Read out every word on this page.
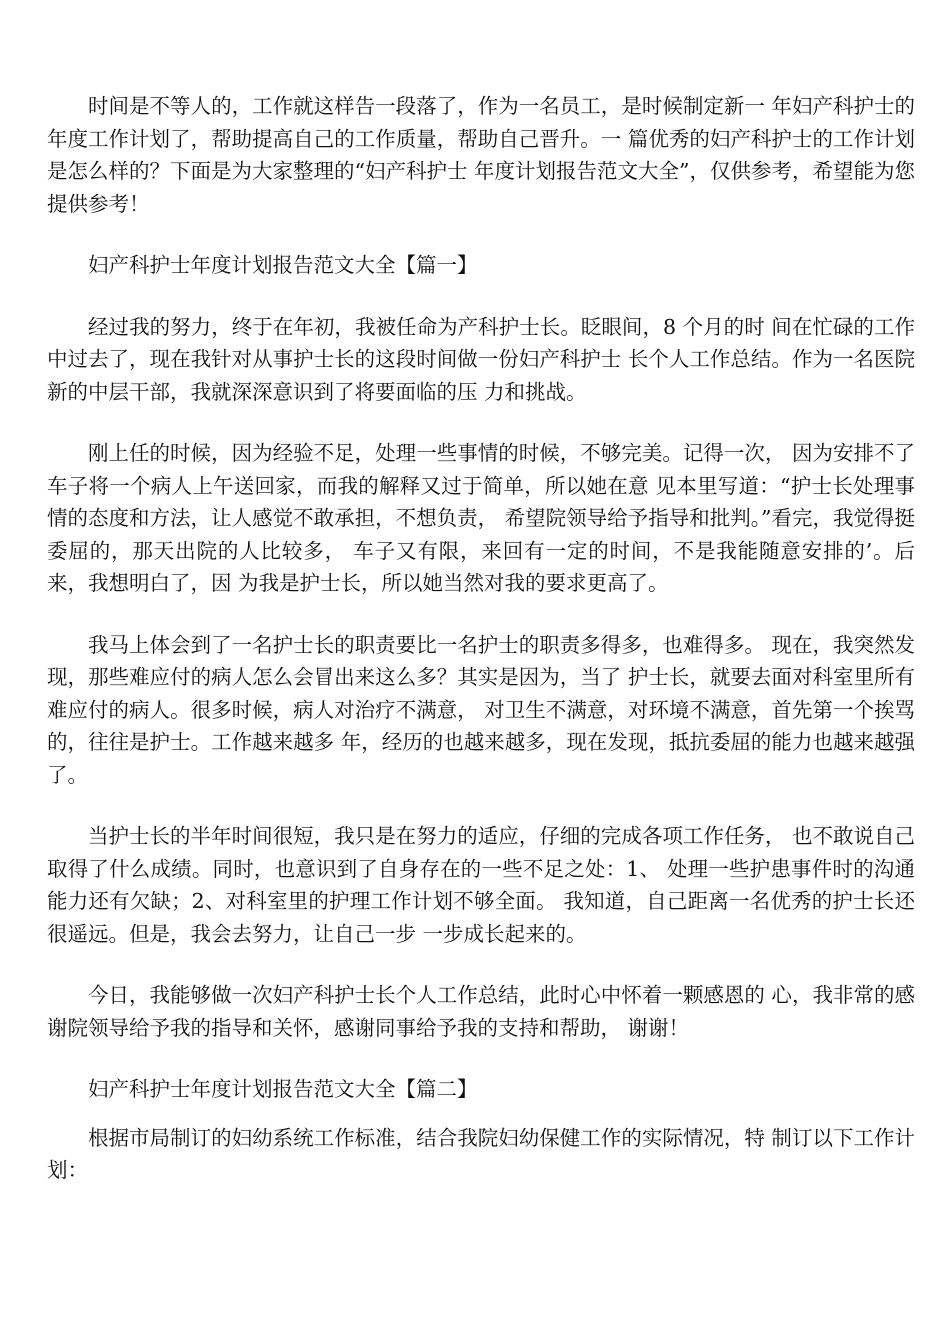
时间是不等人的，工作就这样告一段落了，作为一名员工，是时候制定新一 年妇产科护士的年度工作计划了，帮助提高自己的工作质量，帮助自己晋升。一 篇优秀的妇产科护士的工作计划是怎么样的？下面是为大家整理的“妇产科护士 年度计划报告范文大全”，仅供参考，希望能为您提供参考！

妇产科护士年度计划报告范文大全【篇一】

经过我的努力，终于在年初，我被任命为产科护士长。眨眼间，8 个月的时 间在忙碌的工作中过去了，现在我针对从事护士长的这段时间做一份妇产科护士 长个人工作总结。作为一名医院新的中层干部，我就深深意识到了将要面临的压 力和挑战。

刚上任的时候，因为经验不足，处理一些事情的时候，不够完美。记得一次， 因为安排不了车子将一个病人上午送回家，而我的解释又过于简单，所以她在意 见本里写道：“护士长处理事情的态度和方法，让人感觉不敢承担，不想负责， 希望院领导给予指导和批判。”看完，我觉得挺委屈的，那天出院的人比较多， 车子又有限，来回有一定的时间，不是我能随意安排的’。后来，我想明白了，因 为我是护士长，所以她当然对我的要求更高了。

我马上体会到了一名护士长的职责要比一名护士的职责多得多，也难得多。 现在，我突然发现，那些难应付的病人怎么会冒出来这么多？其实是因为，当了 护士长，就要去面对科室里所有难应付的病人。很多时候，病人对治疗不满意， 对卫生不满意，对环境不满意，首先第一个挨骂的，往往是护士。工作越来越多 年，经历的也越来越多，现在发现，抵抗委屈的能力也越来越强了。

当护士长的半年时间很短，我只是在努力的适应，仔细的完成各项工作任务， 也不敢说自己取得了什么成绩。同时，也意识到了自身存在的一些不足之处：1、 处理一些护患事件时的沟通能力还有欠缺；2、对科室里的护理工作计划不够全面。 我知道，自己距离一名优秀的护士长还很遥远。但是，我会去努力，让自己一步 一步成长起来的。

今日，我能够做一次妇产科护士长个人工作总结，此时心中怀着一颗感恩的 心，我非常的感谢院领导给予我的指导和关怀，感谢同事给予我的支持和帮助， 谢谢！

妇产科护士年度计划报告范文大全【篇二】

根据市局制订的妇幼系统工作标准，结合我院妇幼保健工作的实际情况，特 制订以下工作计划：
